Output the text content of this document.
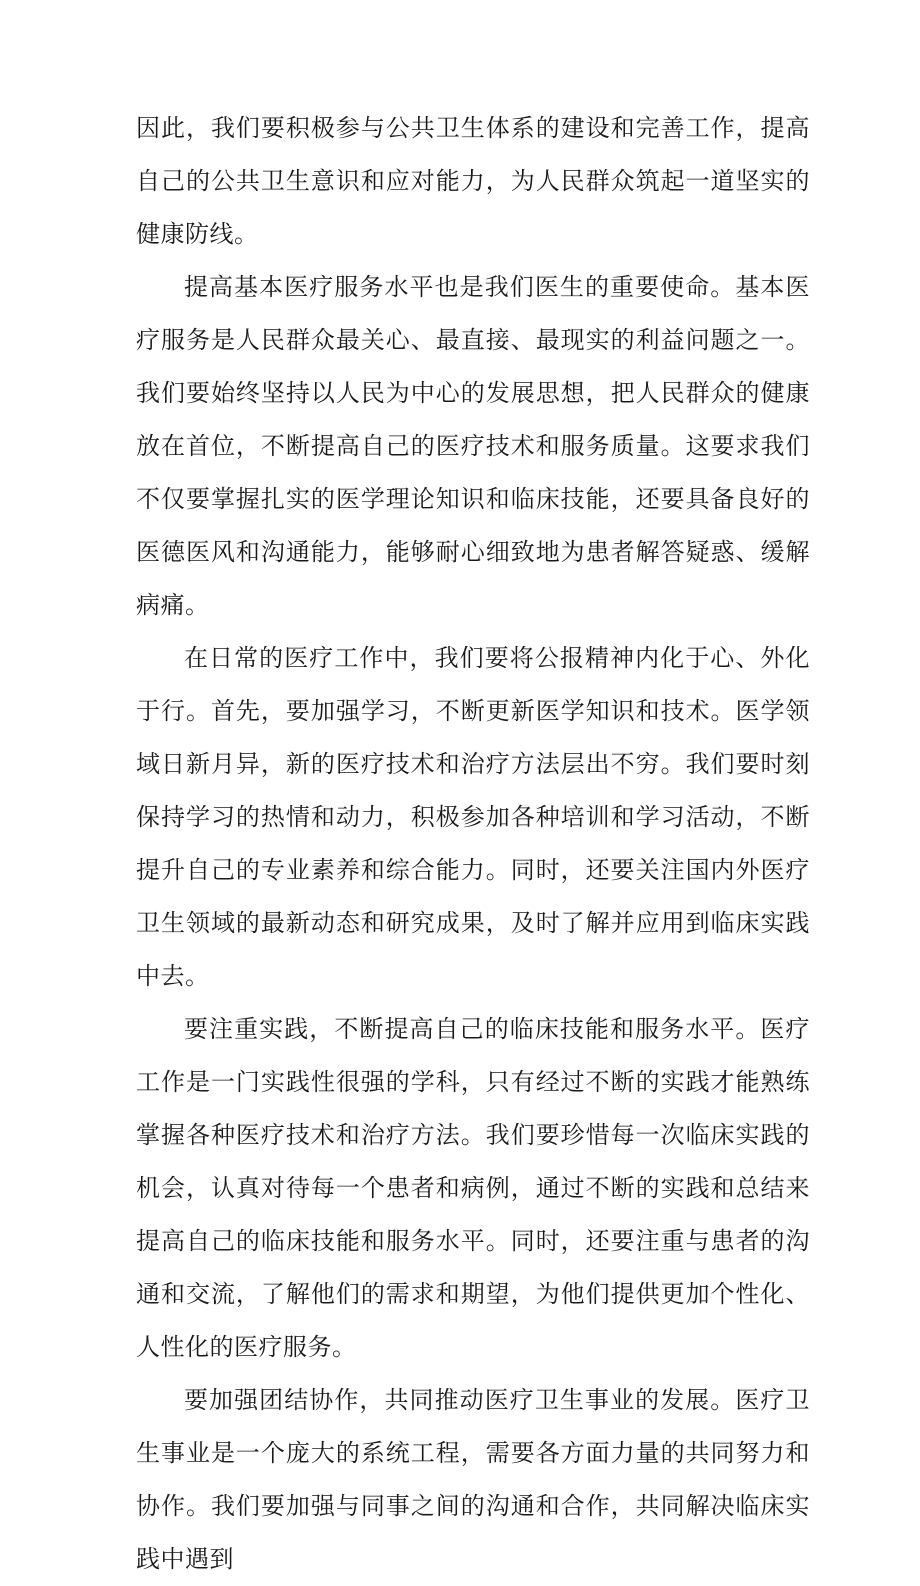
因此，我们要积极参与公共卫生体系的建设和完善工作，提高自己的公共卫生意识和应对能力，为人民群众筑起一道坚实的健康防线。

提高基本医疗服务水平也是我们医生的重要使命。基本医疗服务是人民群众最关心、最直接、最现实的利益问题之一。我们要始终坚持以人民为中心的发展思想，把人民群众的健康放在首位，不断提高自己的医疗技术和服务质量。这要求我们不仅要掌握扎实的医学理论知识和临床技能，还要具备良好的医德医风和沟通能力，能够耐心细致地为患者解答疑惑、缓解病痛。

在日常的医疗工作中，我们要将公报精神内化于心、外化于行。首先，要加强学习，不断更新医学知识和技术。医学领域日新月异，新的医疗技术和治疗方法层出不穷。我们要时刻保持学习的热情和动力，积极参加各种培训和学习活动，不断提升自己的专业素养和综合能力。同时，还要关注国内外医疗卫生领域的最新动态和研究成果，及时了解并应用到临床实践中去。

要注重实践，不断提高自己的临床技能和服务水平。医疗工作是一门实践性很强的学科，只有经过不断的实践才能熟练掌握各种医疗技术和治疗方法。我们要珍惜每一次临床实践的机会，认真对待每一个患者和病例，通过不断的实践和总结来提高自己的临床技能和服务水平。同时，还要注重与患者的沟通和交流，了解他们的需求和期望，为他们提供更加个性化、人性化的医疗服务。

要加强团结协作，共同推动医疗卫生事业的发展。医疗卫生事业是一个庞大的系统工程，需要各方面力量的共同努力和协作。我们要加强与同事之间的沟通和合作，共同解决临床实践中遇到
